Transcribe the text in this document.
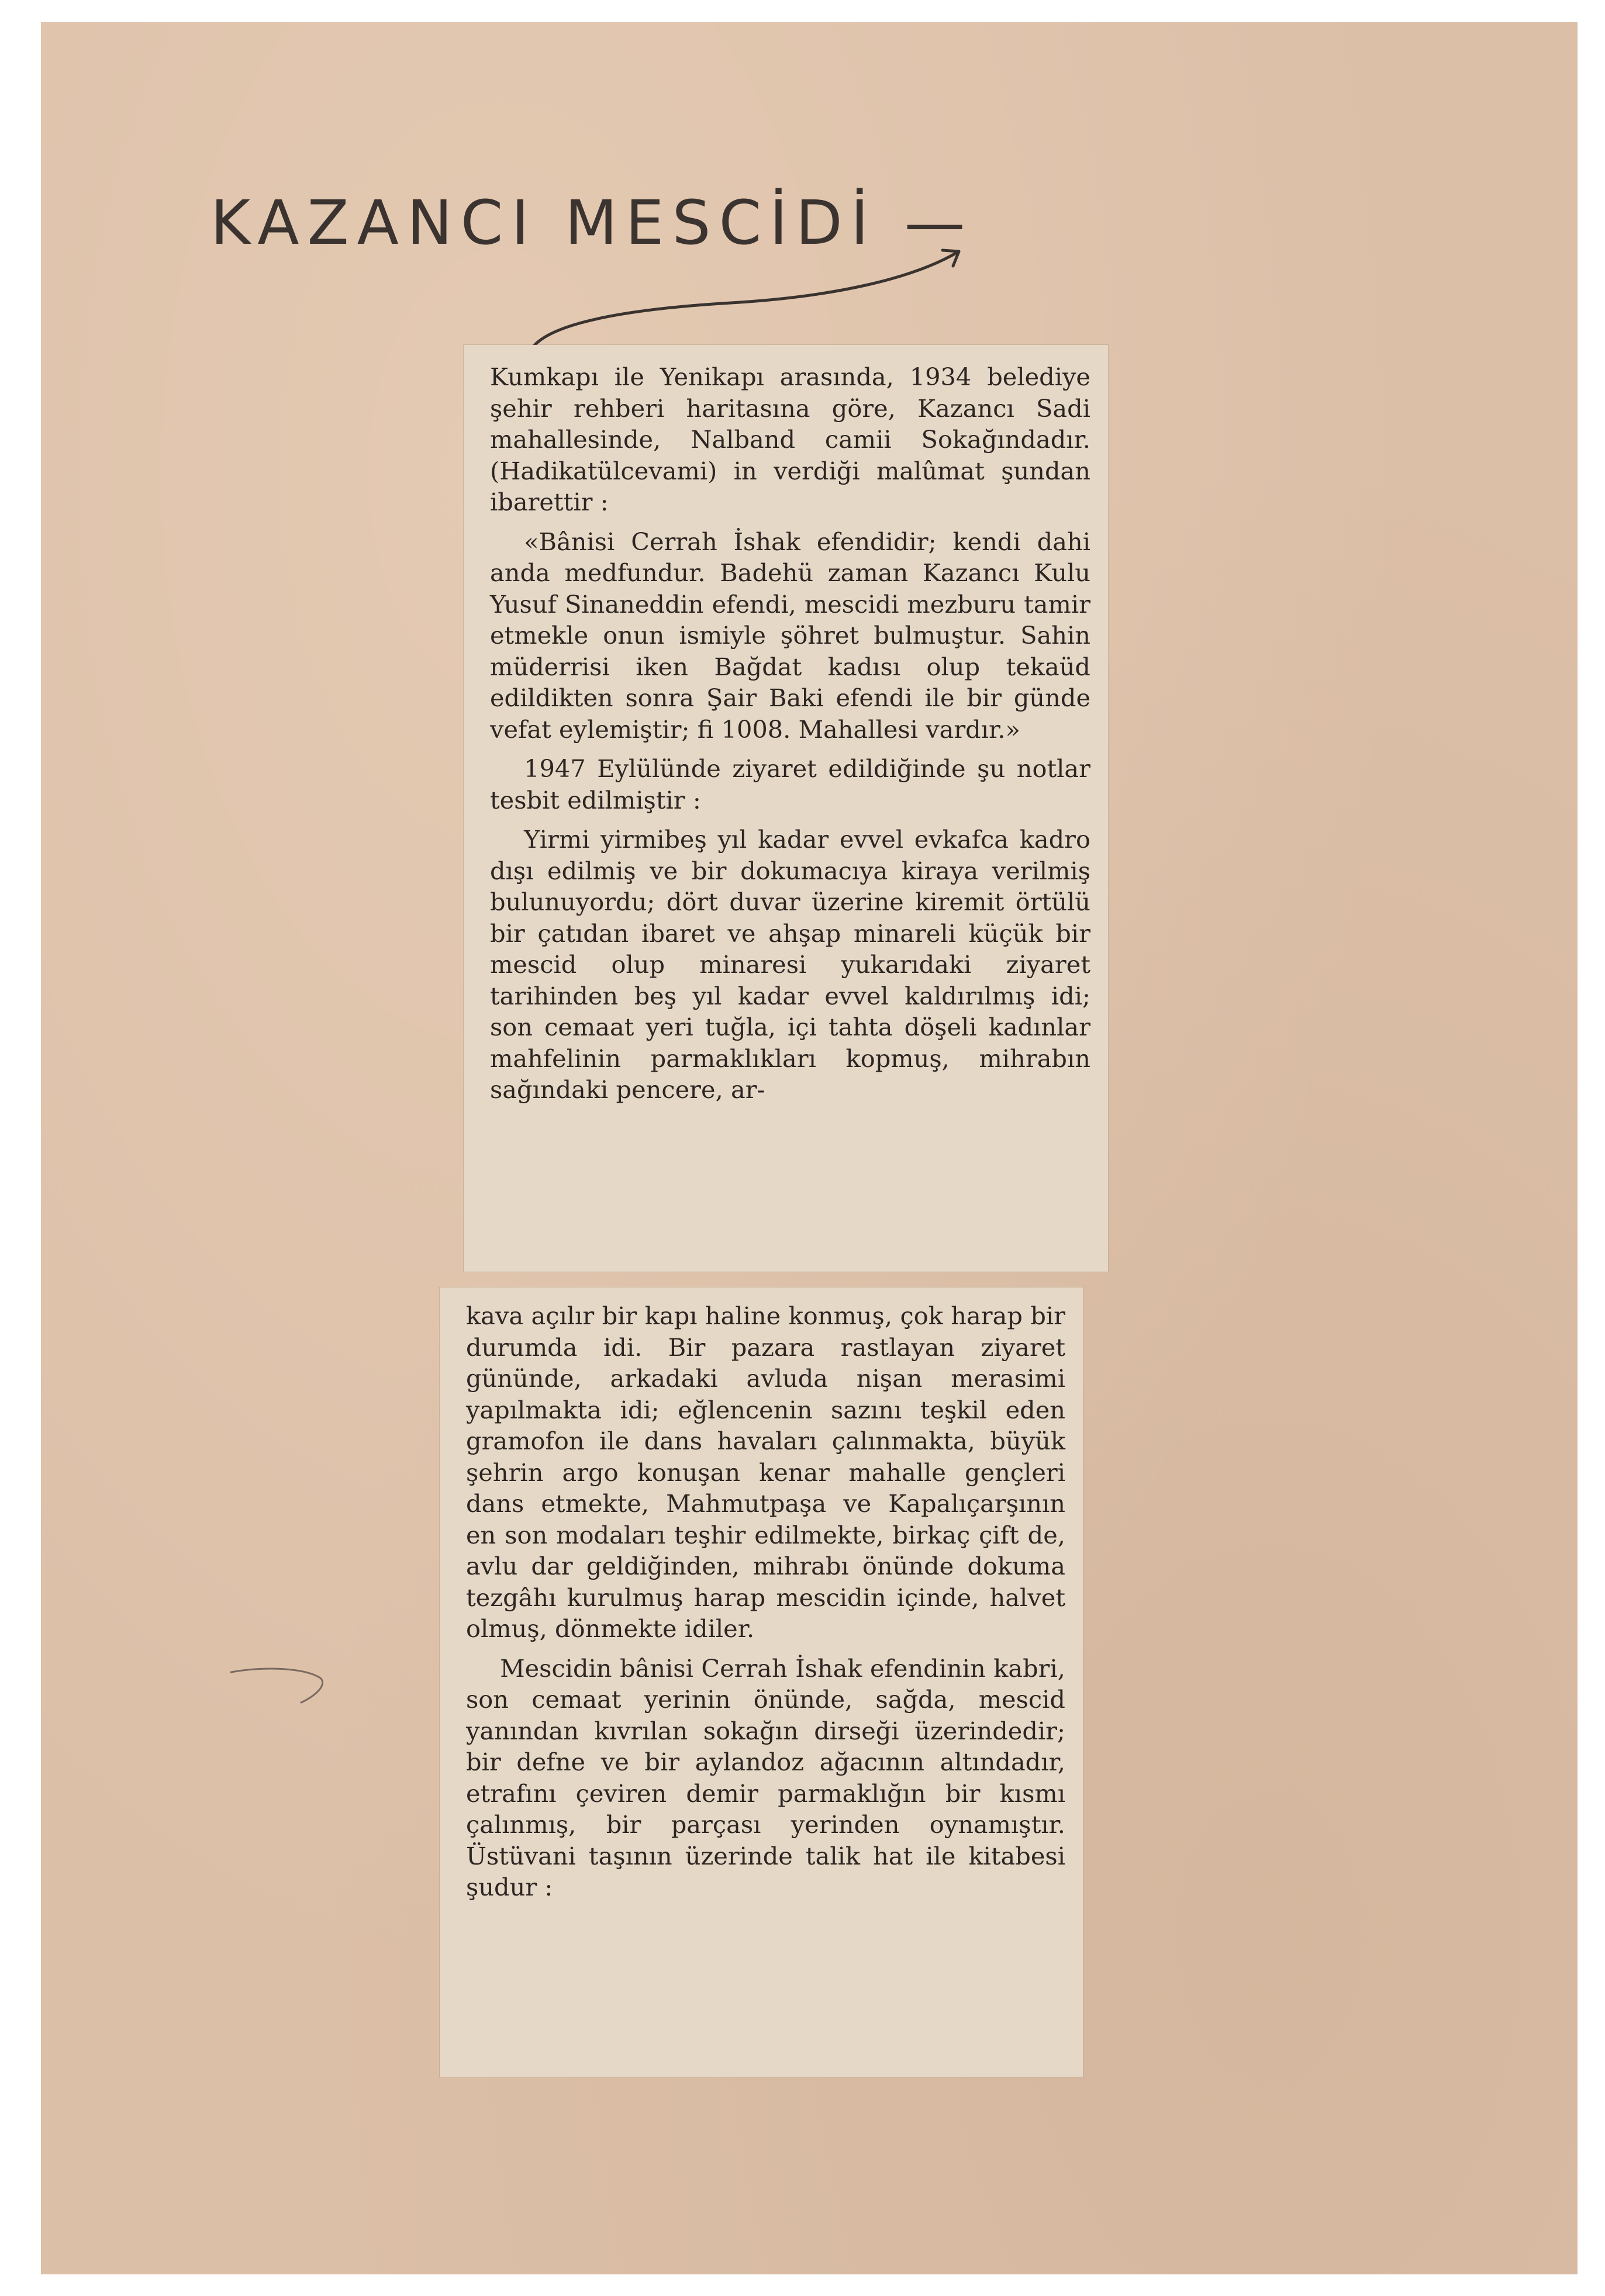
KAZANCI MESCİDİ —

Kumkapı ile Yenikapı arasında, 1934 belediye şehir rehberi haritasına göre, Kazancı Sadi mahallesinde, Nalband camii Sokağındadır. (Hadikatülcevami) in verdiği malûmat şundan ibarettir :

«Bânisi Cerrah İshak efendidir; kendi dahi anda medfundur. Badehü zaman Kazancı Kulu Yusuf Sinaneddin efendi, mescidi mezburu tamir etmekle onun ismiyle şöhret bulmuştur. Sahin müderrisi iken Bağdat kadısı olup tekaüd edildikten sonra Şair Baki efendi ile bir günde vefat eylemiştir; fi 1008. Mahallesi vardır.»

1947 Eylülünde ziyaret edildiğinde şu notlar tesbit edilmiştir :

Yirmi yirmibeş yıl kadar evvel evkafca kadro dışı edilmiş ve bir dokumacıya kiraya verilmiş bulunuyordu; dört duvar üzerine kiremit örtülü bir çatıdan ibaret ve ahşap minareli küçük bir mescid olup minaresi yukarıdaki ziyaret tarihinden beş yıl kadar evvel kaldırılmış idi; son cemaat yeri tuğla, içi tahta döşeli kadınlar mahfelinin parmaklıkları kopmuş, mihrabın sağındaki pencere, ar-

kava açılır bir kapı haline konmuş, çok harap bir durumda idi. Bir pazara rastlayan ziyaret gününde, arkadaki avluda nişan merasimi yapılmakta idi; eğlencenin sazını teşkil eden gramofon ile dans havaları çalınmakta, büyük şehrin argo konuşan kenar mahalle gençleri dans etmekte, Mahmutpaşa ve Kapalıçarşının en son modaları teşhir edilmekte, birkaç çift de, avlu dar geldiğinden, mihrabı önünde dokuma tezgâhı kurulmuş harap mescidin içinde, halvet olmuş, dönmekte idiler.

Mescidin bânisi Cerrah İshak efendinin kabri, son cemaat yerinin önünde, sağda, mescid yanından kıvrılan sokağın dirseği üzerindedir; bir defne ve bir aylandoz ağacının altındadır, etrafını çeviren demir parmaklığın bir kısmı çalınmış, bir parçası yerinden oynamıştır. Üstüvani taşının üzerinde talik hat ile kitabesi şudur :
